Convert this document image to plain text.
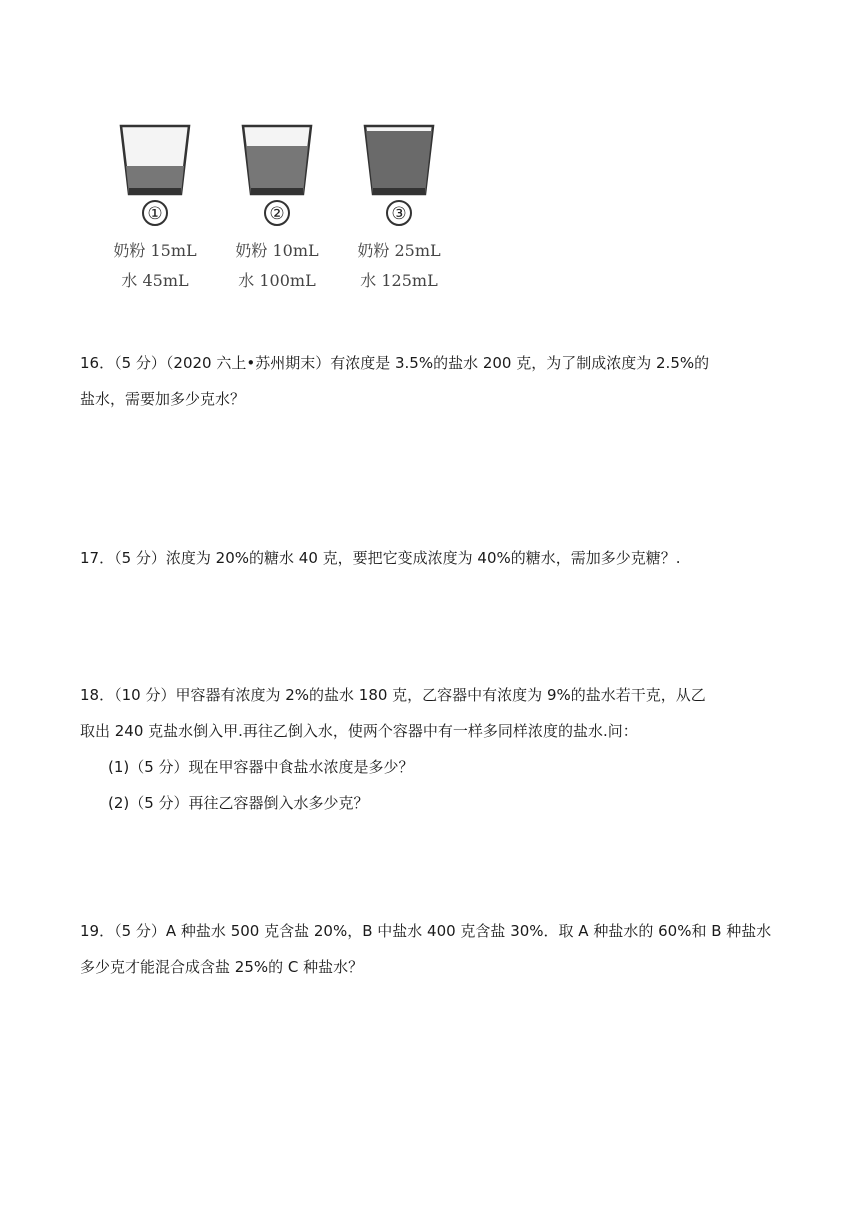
①
奶粉 15mL
水 45mL
②
奶粉 10mL
水 100mL
③
奶粉 25mL
水 125mL
16．（5 分）（2020 六上•苏州期末）有浓度是 3.5%的盐水 200 克，为了制成浓度为 2.5%的
盐水，需要加多少克水？
17．（5 分）浓度为 20%的糖水 40 克，要把它变成浓度为 40%的糖水，需加多少克糖？.
18．（10 分）甲容器有浓度为 2%的盐水 180 克，乙容器中有浓度为 9%的盐水若干克，从乙
取出 240 克盐水倒入甲.再往乙倒入水，使两个容器中有一样多同样浓度的盐水.问：
(1)（5 分）现在甲容器中食盐水浓度是多少？
(2)（5 分）再往乙容器倒入水多少克？
19．（5 分）A 种盐水 500 克含盐 20%，B 中盐水 400 克含盐 30%．取 A 种盐水的 60%和 B 种盐水
多少克才能混合成含盐 25%的 C 种盐水？
